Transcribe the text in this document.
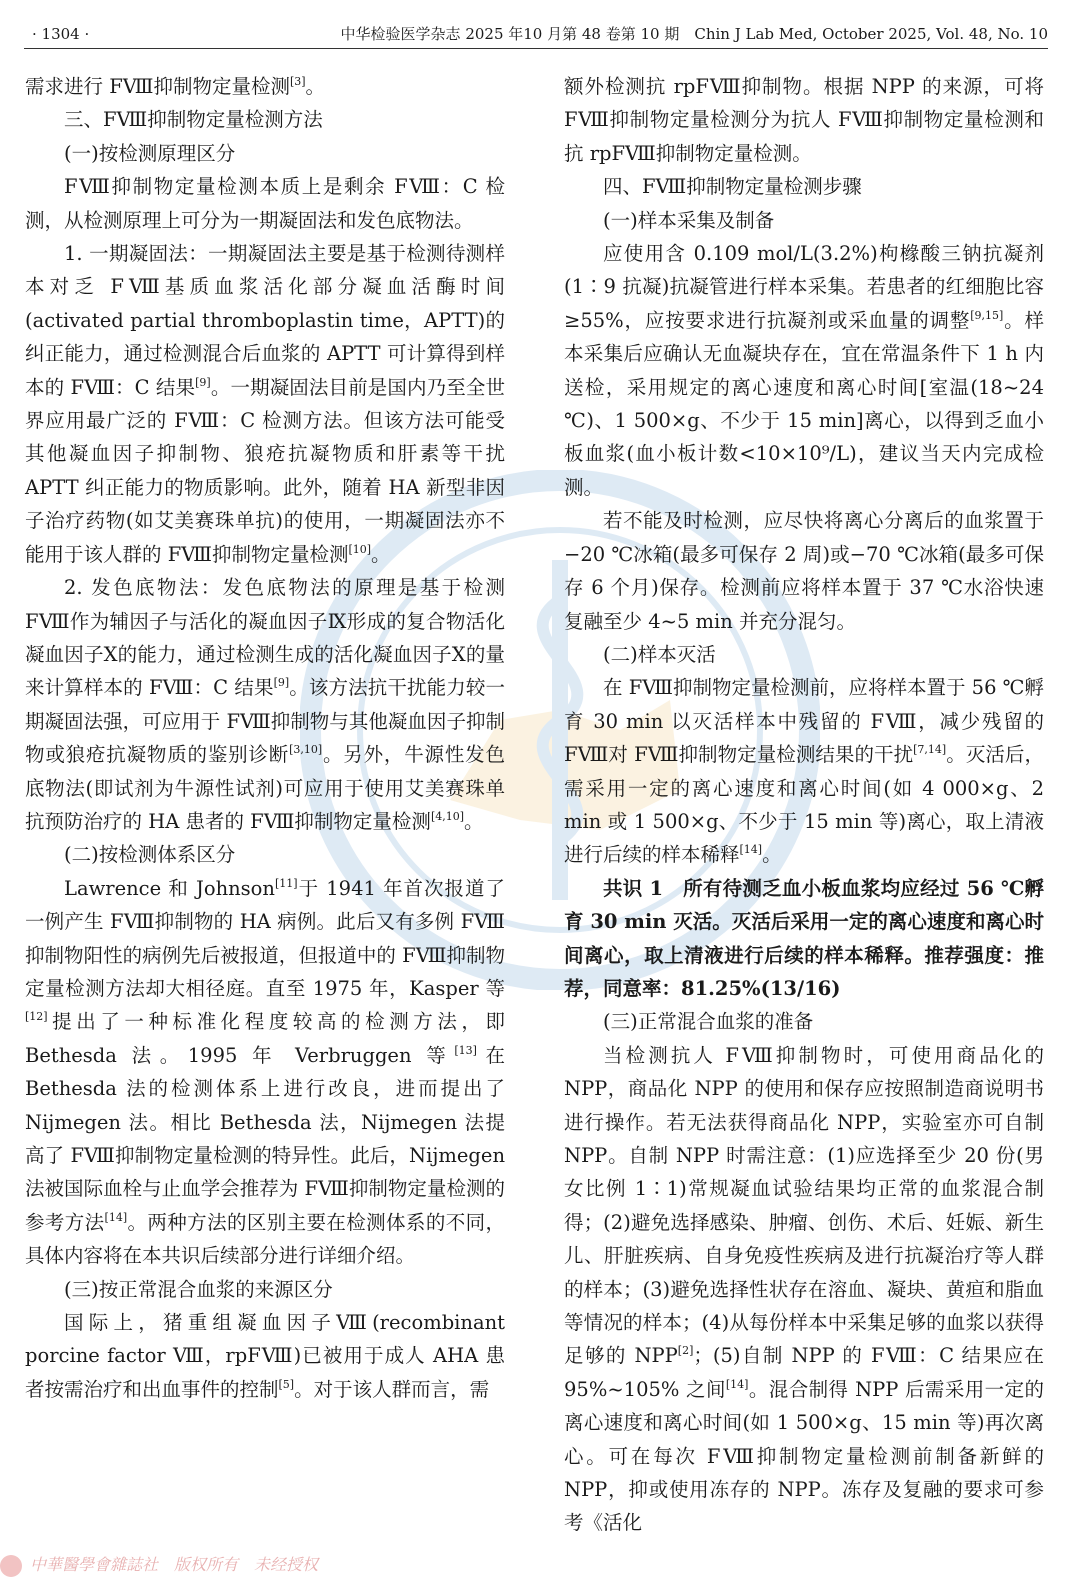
· 1304 ·	中华检验医学杂志 2025 年10 月第 48 卷第 10 期　Chin J Lab Med, October 2025, Vol. 48, No. 10

需求进行 FⅧ抑制物定量检测[3]。

三、FⅧ抑制物定量检测方法

(一)按检测原理区分

FⅧ抑制物定量检测本质上是剩余 FⅧ：C 检测，从检测原理上可分为一期凝固法和发色底物法。

1. 一期凝固法：一期凝固法主要是基于检测待测样本对乏 FⅧ基质血浆活化部分凝血活酶时间(activated partial thromboplastin time，APTT)的纠正能力，通过检测混合后血浆的 APTT 可计算得到样本的 FⅧ：C 结果[9]。一期凝固法目前是国内乃至全世界应用最广泛的 FⅧ：C 检测方法。但该方法可能受其他凝血因子抑制物、狼疮抗凝物质和肝素等干扰 APTT 纠正能力的物质影响。此外，随着 HA 新型非因子治疗药物(如艾美赛珠单抗)的使用，一期凝固法亦不能用于该人群的 FⅧ抑制物定量检测[10]。

2. 发色底物法：发色底物法的原理是基于检测 FⅧ作为辅因子与活化的凝血因子Ⅸ形成的复合物活化凝血因子Ⅹ的能力，通过检测生成的活化凝血因子Ⅹ的量来计算样本的 FⅧ：C 结果[9]。该方法抗干扰能力较一期凝固法强，可应用于 FⅧ抑制物与其他凝血因子抑制物或狼疮抗凝物质的鉴别诊断[3,10]。另外，牛源性发色底物法(即试剂为牛源性试剂)可应用于使用艾美赛珠单抗预防治疗的 HA 患者的 FⅧ抑制物定量检测[4,10]。

(二)按检测体系区分

Lawrence 和 Johnson[11]于 1941 年首次报道了一例产生 FⅧ抑制物的 HA 病例。此后又有多例 FⅧ抑制物阳性的病例先后被报道，但报道中的 FⅧ抑制物定量检测方法却大相径庭。直至 1975 年，Kasper 等[12]提出了一种标准化程度较高的检测方法，即 Bethesda 法。1995 年 Verbruggen 等[13]在 Bethesda 法的检测体系上进行改良，进而提出了 Nijmegen 法。相比 Bethesda 法，Nijmegen 法提高了 FⅧ抑制物定量检测的特异性。此后，Nijmegen 法被国际血栓与止血学会推荐为 FⅧ抑制物定量检测的参考方法[14]。两种方法的区别主要在检测体系的不同，具体内容将在本共识后续部分进行详细介绍。

(三)按正常混合血浆的来源区分

国际上，猪重组凝血因子Ⅷ(recombinant porcine factor Ⅷ，rpFⅧ)已被用于成人 AHA 患者按需治疗和出血事件的控制[5]。对于该人群而言，需

额外检测抗 rpFⅧ抑制物。根据 NPP 的来源，可将 FⅧ抑制物定量检测分为抗人 FⅧ抑制物定量检测和抗 rpFⅧ抑制物定量检测。

四、FⅧ抑制物定量检测步骤

(一)样本采集及制备

应使用含 0.109 mol/L(3.2%)枸橼酸三钠抗凝剂(1∶9 抗凝)抗凝管进行样本采集。若患者的红细胞比容≥55%，应按要求进行抗凝剂或采血量的调整[9,15]。样本采集后应确认无血凝块存在，宜在常温条件下 1 h 内送检，采用规定的离心速度和离心时间[室温(18~24 ℃)、1 500×g、不少于 15 min]离心，以得到乏血小板血浆(血小板计数<10×10⁹/L)，建议当天内完成检测。

若不能及时检测，应尽快将离心分离后的血浆置于−20 ℃冰箱(最多可保存 2 周)或−70 ℃冰箱(最多可保存 6 个月)保存。检测前应将样本置于 37 ℃水浴快速复融至少 4~5 min 并充分混匀。

(二)样本灭活

在 FⅧ抑制物定量检测前，应将样本置于 56 ℃孵育 30 min 以灭活样本中残留的 FⅧ，减少残留的 FⅧ对 FⅧ抑制物定量检测结果的干扰[7,14]。灭活后，需采用一定的离心速度和离心时间(如 4 000×g、2 min 或 1 500×g、不少于 15 min 等)离心，取上清液进行后续的样本稀释[14]。

共识 1　所有待测乏血小板血浆均应经过 56 ℃孵育 30 min 灭活。灭活后采用一定的离心速度和离心时间离心，取上清液进行后续的样本稀释。推荐强度：推荐，同意率：81.25%(13/16)

(三)正常混合血浆的准备

当检测抗人 FⅧ抑制物时，可使用商品化的 NPP，商品化 NPP 的使用和保存应按照制造商说明书进行操作。若无法获得商品化 NPP，实验室亦可自制 NPP。自制 NPP 时需注意：(1)应选择至少 20 份(男女比例 1∶1)常规凝血试验结果均正常的血浆混合制得；(2)避免选择感染、肿瘤、创伤、术后、妊娠、新生儿、肝脏疾病、自身免疫性疾病及进行抗凝治疗等人群的样本；(3)避免选择性状存在溶血、凝块、黄疸和脂血等情况的样本；(4)从每份样本中采集足够的血浆以获得足够的 NPP[2]；(5)自制 NPP 的 FⅧ：C 结果应在 95%~105% 之间[14]。混合制得 NPP 后需采用一定的离心速度和离心时间(如 1 500×g、15 min 等)再次离心。可在每次 FⅧ抑制物定量检测前制备新鲜的 NPP，抑或使用冻存的 NPP。冻存及复融的要求可参考《活化

中華醫學會雜誌社　版权所有　未经授权
